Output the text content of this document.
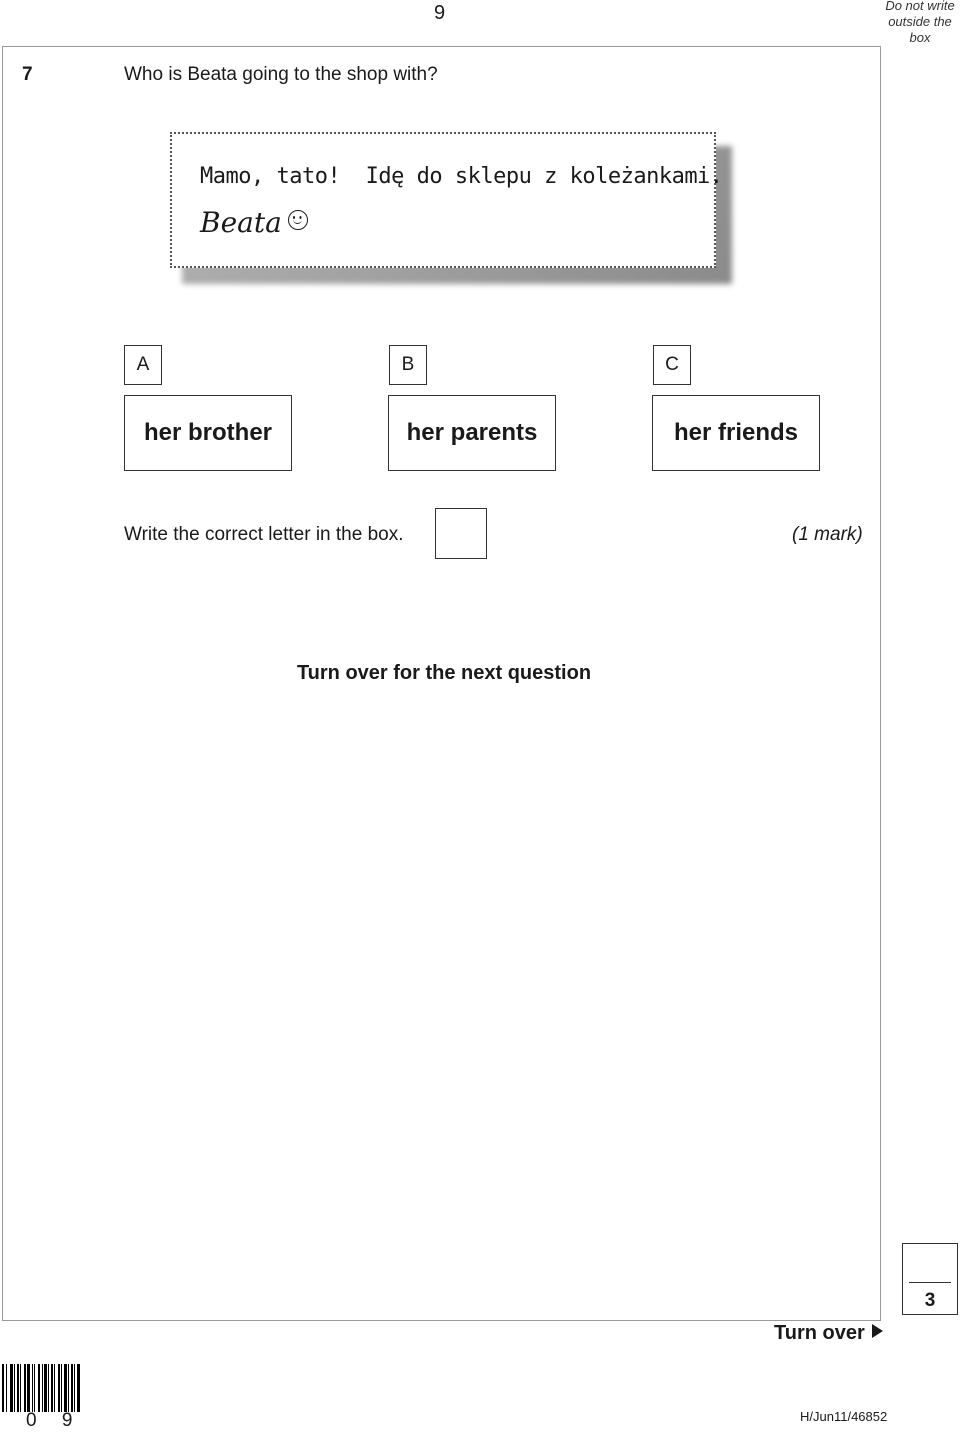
9	Do not write
outside the
box
7	Who is Beata going to the shop with?
Mamo, tato!  Idę do sklepu z koleżankami.
Beata
A	B	C
her brother	her parents	her friends
Write the correct letter in the box.	(1 mark)
Turn over for the next question
3
Turn over
0 9	H/Jun11/46852
